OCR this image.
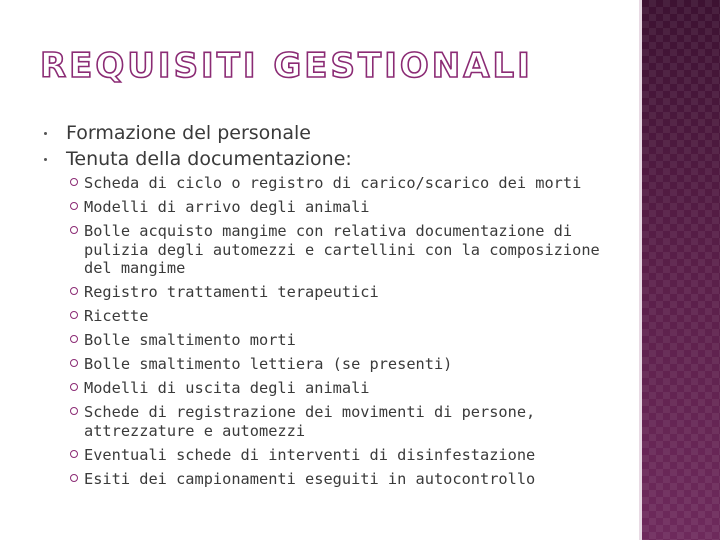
REQUISITI GESTIONALI
Formazione del personale
Tenuta della documentazione:
Scheda di ciclo o registro di carico/scarico dei morti
Modelli di arrivo degli animali
Bolle acquisto mangime con relativa documentazione di pulizia degli automezzi e cartellini con la composizione del mangime
Registro trattamenti terapeutici
Ricette
Bolle smaltimento morti
Bolle smaltimento lettiera (se presenti)
Modelli di uscita degli animali
Schede di registrazione dei movimenti di persone, attrezzature e automezzi
Eventuali schede di interventi di disinfestazione
Esiti dei campionamenti eseguiti in autocontrollo
